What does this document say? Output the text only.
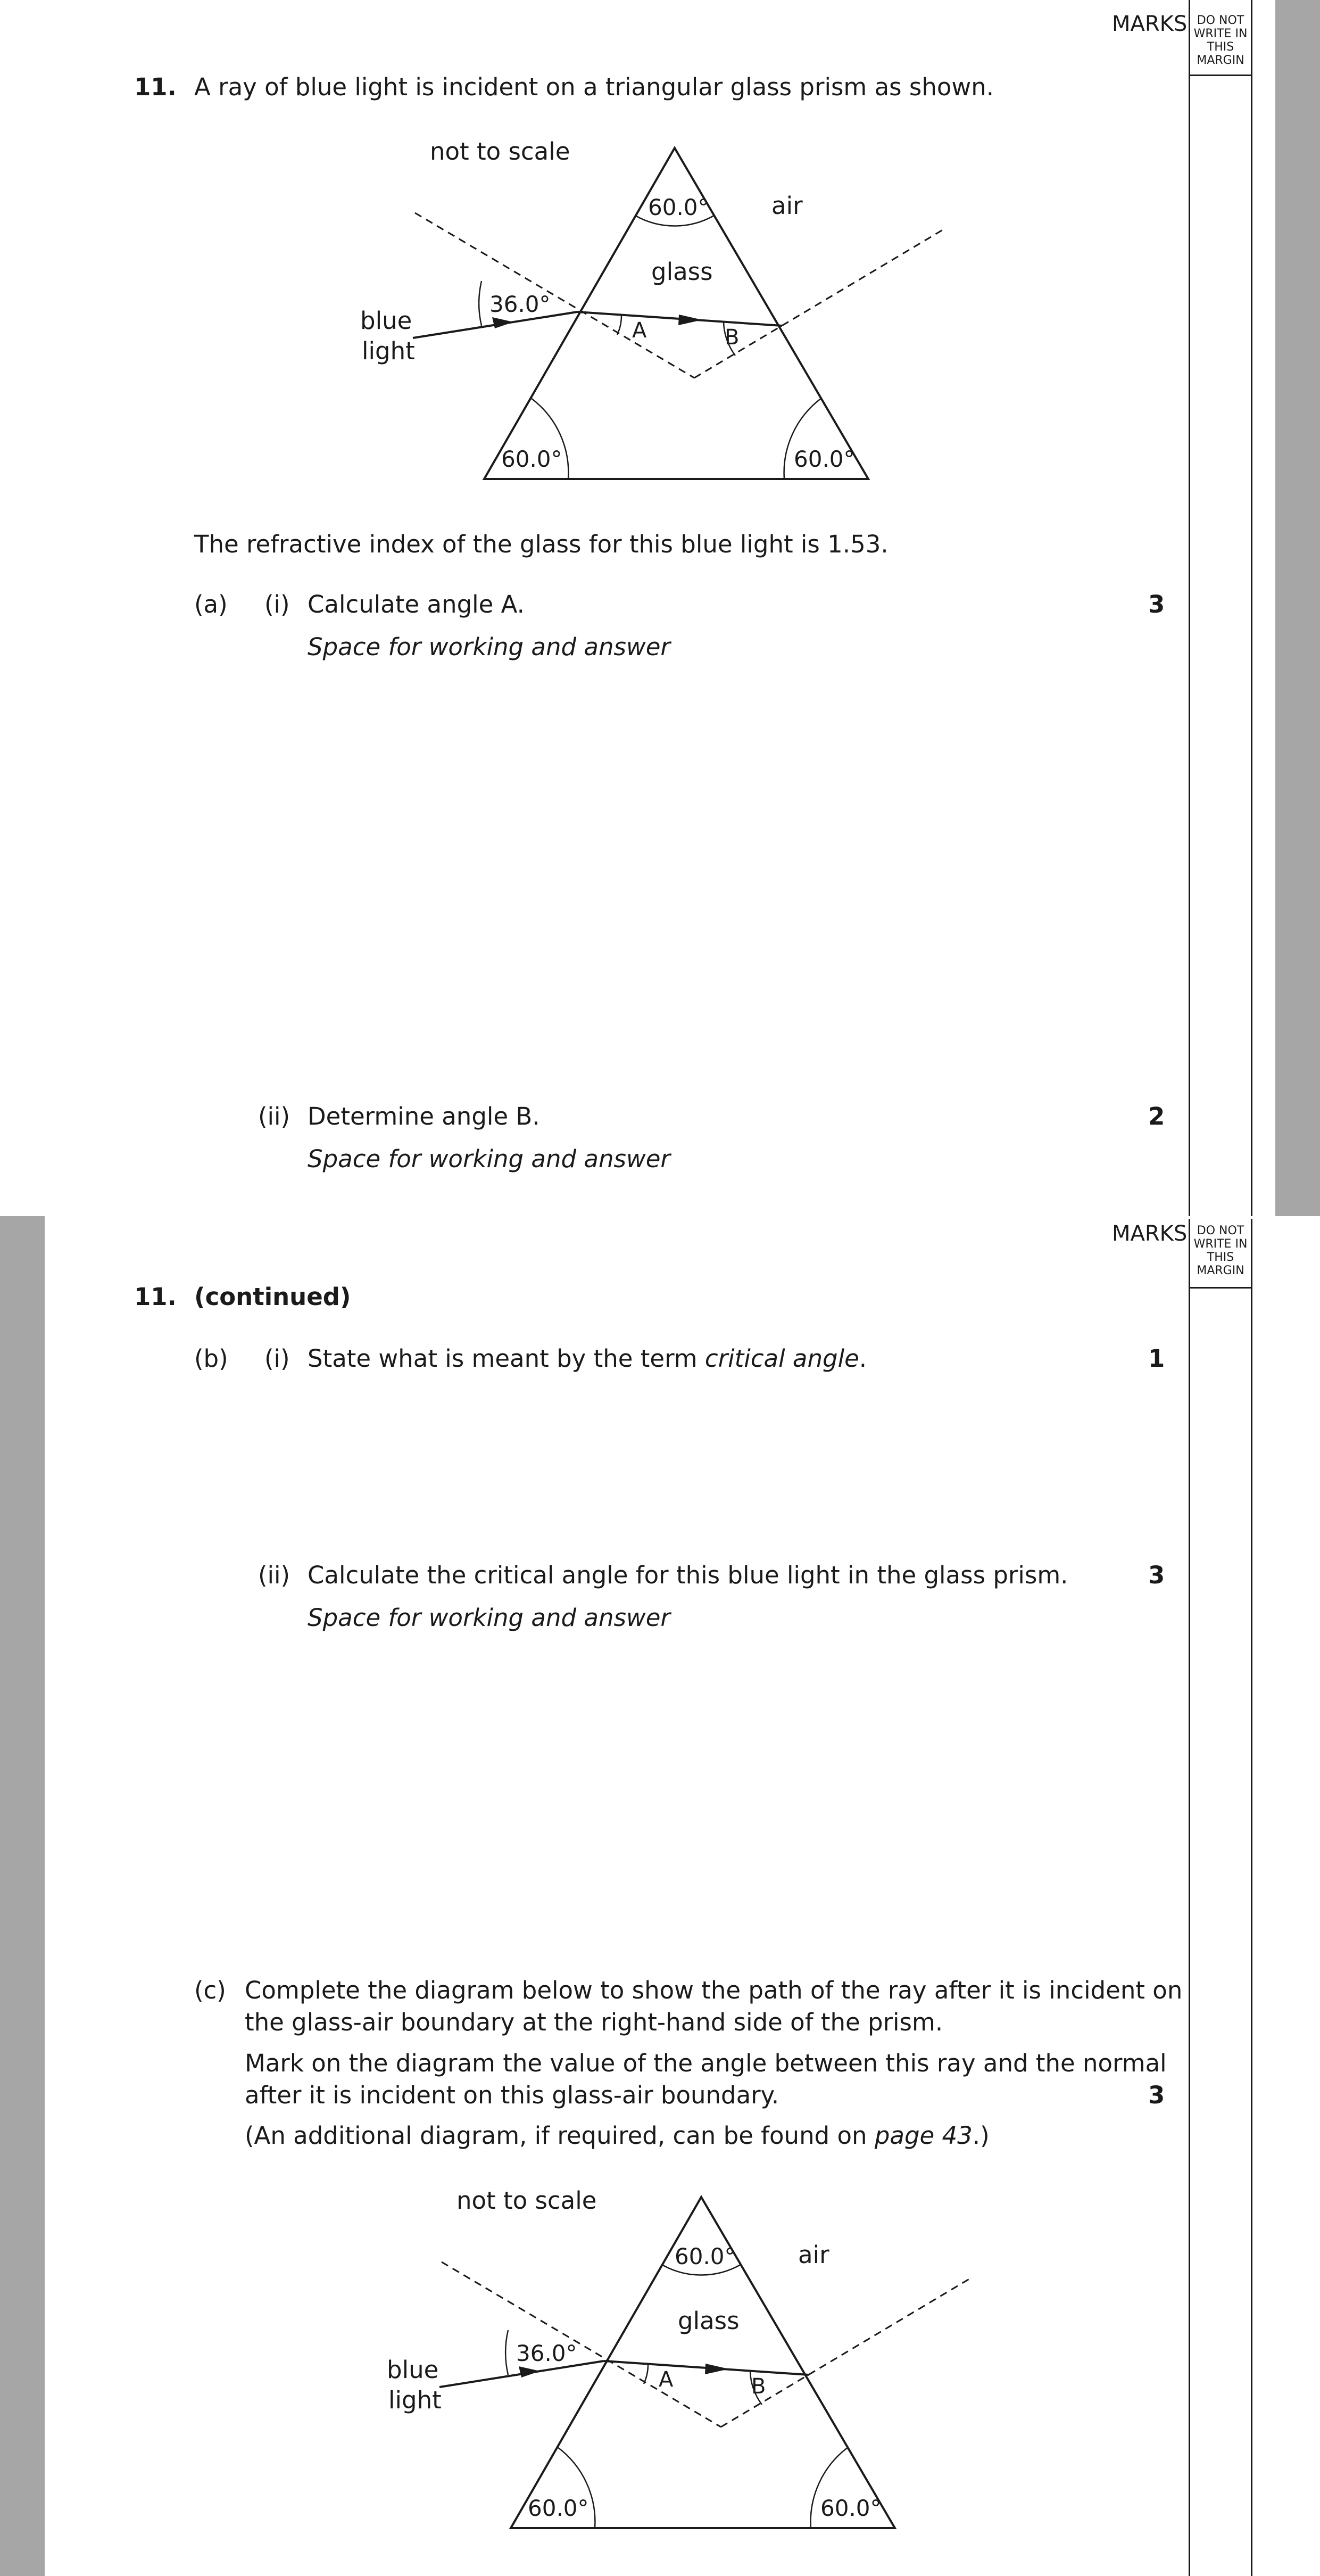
MARKS DO NOT
WRITE IN
THIS
MARGIN
11. A ray of blue light is incident on a triangular glass prism as shown.
not to scale
60.0°	air
glass
36.0°
blue
light
A	B
60.0°	60.0°
The refractive index of the glass for this blue light is 1.53.
(a) (i) Calculate angle A.	3
Space for working and answer
(ii) Determine angle B.	2
Space for working and answer
MARKS DO NOT
WRITE IN
THIS
MARGIN
11. (continued)
(b) (i) State what is meant by the term critical angle.	1
(ii) Calculate the critical angle for this blue light in the glass prism.	3
Space for working and answer
(c) Complete the diagram below to show the path of the ray after it is incident on
the glass-air boundary at the right-hand side of the prism.
Mark on the diagram the value of the angle between this ray and the normal
after it is incident on this glass-air boundary.	3
(An additional diagram, if required, can be found on page 43.)
not to scale
60.0°	air
glass
36.0°
blue
light
A	B
60.0°	60.0°
